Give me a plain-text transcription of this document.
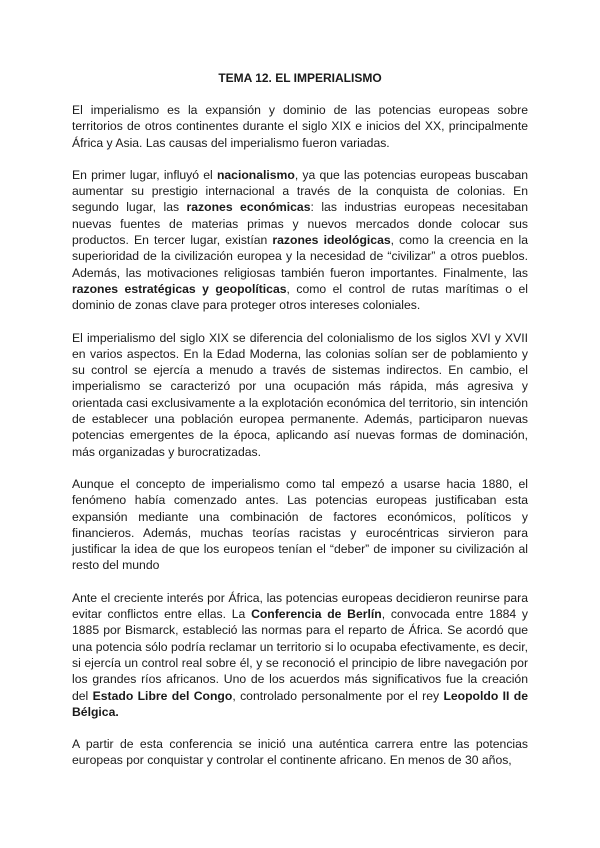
TEMA 12. EL IMPERIALISMO

El imperialismo es la expansión y dominio de las potencias europeas sobre territorios de otros continentes durante el siglo XIX e inicios del XX, principalmente África y Asia. Las causas del imperialismo fueron variadas.

En primer lugar, influyó el nacionalismo, ya que las potencias europeas buscaban aumentar su prestigio internacional a través de la conquista de colonias. En segundo lugar, las razones económicas: las industrias europeas necesitaban nuevas fuentes de materias primas y nuevos mercados donde colocar sus productos. En tercer lugar, existían razones ideológicas, como la creencia en la superioridad de la civilización europea y la necesidad de “civilizar” a otros pueblos. Además, las motivaciones religiosas también fueron importantes. Finalmente, las razones estratégicas y geopolíticas, como el control de rutas marítimas o el dominio de zonas clave para proteger otros intereses coloniales.

El imperialismo del siglo XIX se diferencia del colonialismo de los siglos XVI y XVII en varios aspectos. En la Edad Moderna, las colonias solían ser de poblamiento y su control se ejercía a menudo a través de sistemas indirectos. En cambio, el imperialismo se caracterizó por una ocupación más rápida, más agresiva y orientada casi exclusivamente a la explotación económica del territorio, sin intención de establecer una población europea permanente. Además, participaron nuevas potencias emergentes de la época, aplicando así nuevas formas de dominación, más organizadas y burocratizadas.

Aunque el concepto de imperialismo como tal empezó a usarse hacia 1880, el fenómeno había comenzado antes. Las potencias europeas justificaban esta expansión mediante una combinación de factores económicos, políticos y financieros. Además, muchas teorías racistas y eurocéntricas sirvieron para justificar la idea de que los europeos tenían el “deber” de imponer su civilización al resto del mundo

Ante el creciente interés por África, las potencias europeas decidieron reunirse para evitar conflictos entre ellas. La Conferencia de Berlín, convocada entre 1884 y 1885 por Bismarck, estableció las normas para el reparto de África. Se acordó que una potencia sólo podría reclamar un territorio si lo ocupaba efectivamente, es decir, si ejercía un control real sobre él, y se reconoció el principio de libre navegación por los grandes ríos africanos. Uno de los acuerdos más significativos fue la creación del Estado Libre del Congo, controlado personalmente por el rey Leopoldo II de Bélgica.

A partir de esta conferencia se inició una auténtica carrera entre las potencias europeas por conquistar y controlar el continente africano. En menos de 30 años,
